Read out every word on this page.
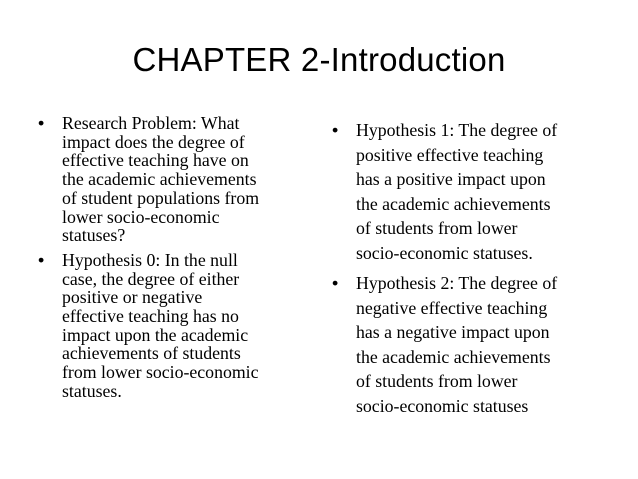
CHAPTER 2-Introduction
• Research Problem: What
impact does the degree of
effective teaching have on
the academic achievements
of student populations from
lower socio-economic
statuses?
• Hypothesis 0: In the null
case, the degree of either
positive or negative
effective teaching has no
impact upon the academic
achievements of students
from lower socio-economic
statuses.
• Hypothesis 1: The degree of
positive effective teaching
has a positive impact upon
the academic achievements
of students from lower
socio-economic statuses.
• Hypothesis 2: The degree of
negative effective teaching
has a negative impact upon
the academic achievements
of students from lower
socio-economic statuses
